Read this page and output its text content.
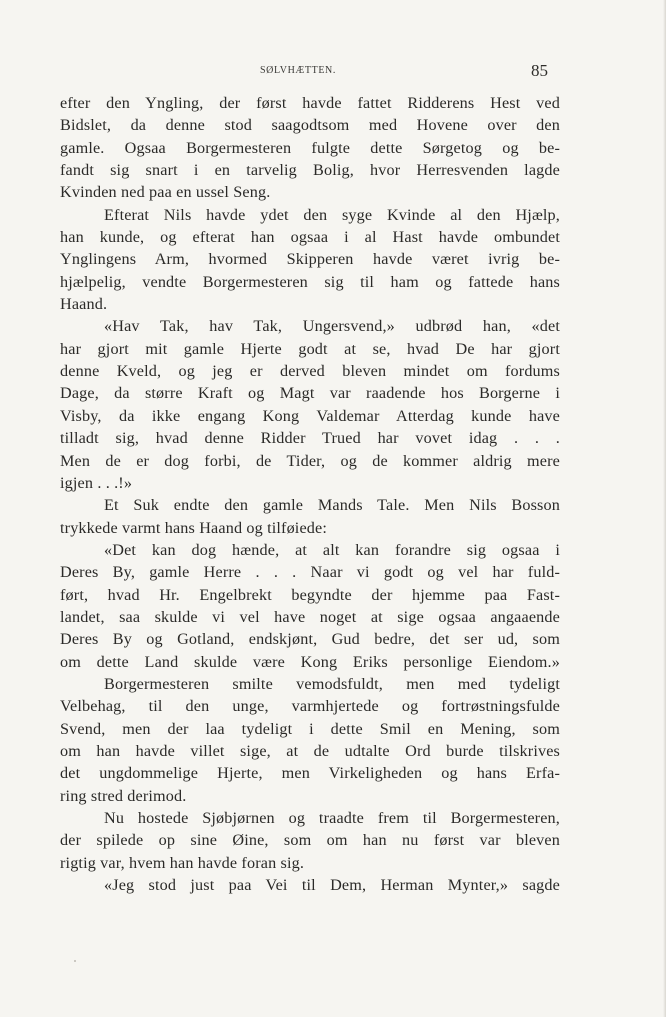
SØLVHÆTTEN.	85
efter den Yngling, der først havde fattet Ridderens Hest ved
Bidslet, da denne stod saagodtsom med Hovene over den
gamle. Ogsaa Borgermesteren fulgte dette Sørgetog og be-
fandt sig snart i en tarvelig Bolig, hvor Herresvenden lagde
Kvinden ned paa en ussel Seng.
Efterat Nils havde ydet den syge Kvinde al den Hjælp,
han kunde, og efterat han ogsaa i al Hast havde ombundet
Ynglingens Arm, hvormed Skipperen havde været ivrig be-
hjælpelig, vendte Borgermesteren sig til ham og fattede hans
Haand.
«Hav Tak, hav Tak, Ungersvend,» udbrød han, «det
har gjort mit gamle Hjerte godt at se, hvad De har gjort
denne Kveld, og jeg er derved bleven mindet om fordums
Dage, da større Kraft og Magt var raadende hos Borgerne i
Visby, da ikke engang Kong Valdemar Atterdag kunde have
tilladt sig, hvad denne Ridder Trued har vovet idag . . .
Men de er dog forbi, de Tider, og de kommer aldrig mere
igjen . . .!»
Et Suk endte den gamle Mands Tale. Men Nils Bosson
trykkede varmt hans Haand og tilføiede:
«Det kan dog hænde, at alt kan forandre sig ogsaa i
Deres By, gamle Herre . . . Naar vi godt og vel har fuld-
ført, hvad Hr. Engelbrekt begyndte der hjemme paa Fast-
landet, saa skulde vi vel have noget at sige ogsaa angaaende
Deres By og Gotland, endskjønt, Gud bedre, det ser ud, som
om dette Land skulde være Kong Eriks personlige Eiendom.»
Borgermesteren smilte vemodsfuldt, men med tydeligt
Velbehag, til den unge, varmhjertede og fortrøstningsfulde
Svend, men der laa tydeligt i dette Smil en Mening, som
om han havde villet sige, at de udtalte Ord burde tilskrives
det ungdommelige Hjerte, men Virkeligheden og hans Erfa-
ring stred derimod.
Nu hostede Sjøbjørnen og traadte frem til Borgermesteren,
der spilede op sine Øine, som om han nu først var bleven
rigtig var, hvem han havde foran sig.
«Jeg stod just paa Vei til Dem, Herman Mynter,» sagde
